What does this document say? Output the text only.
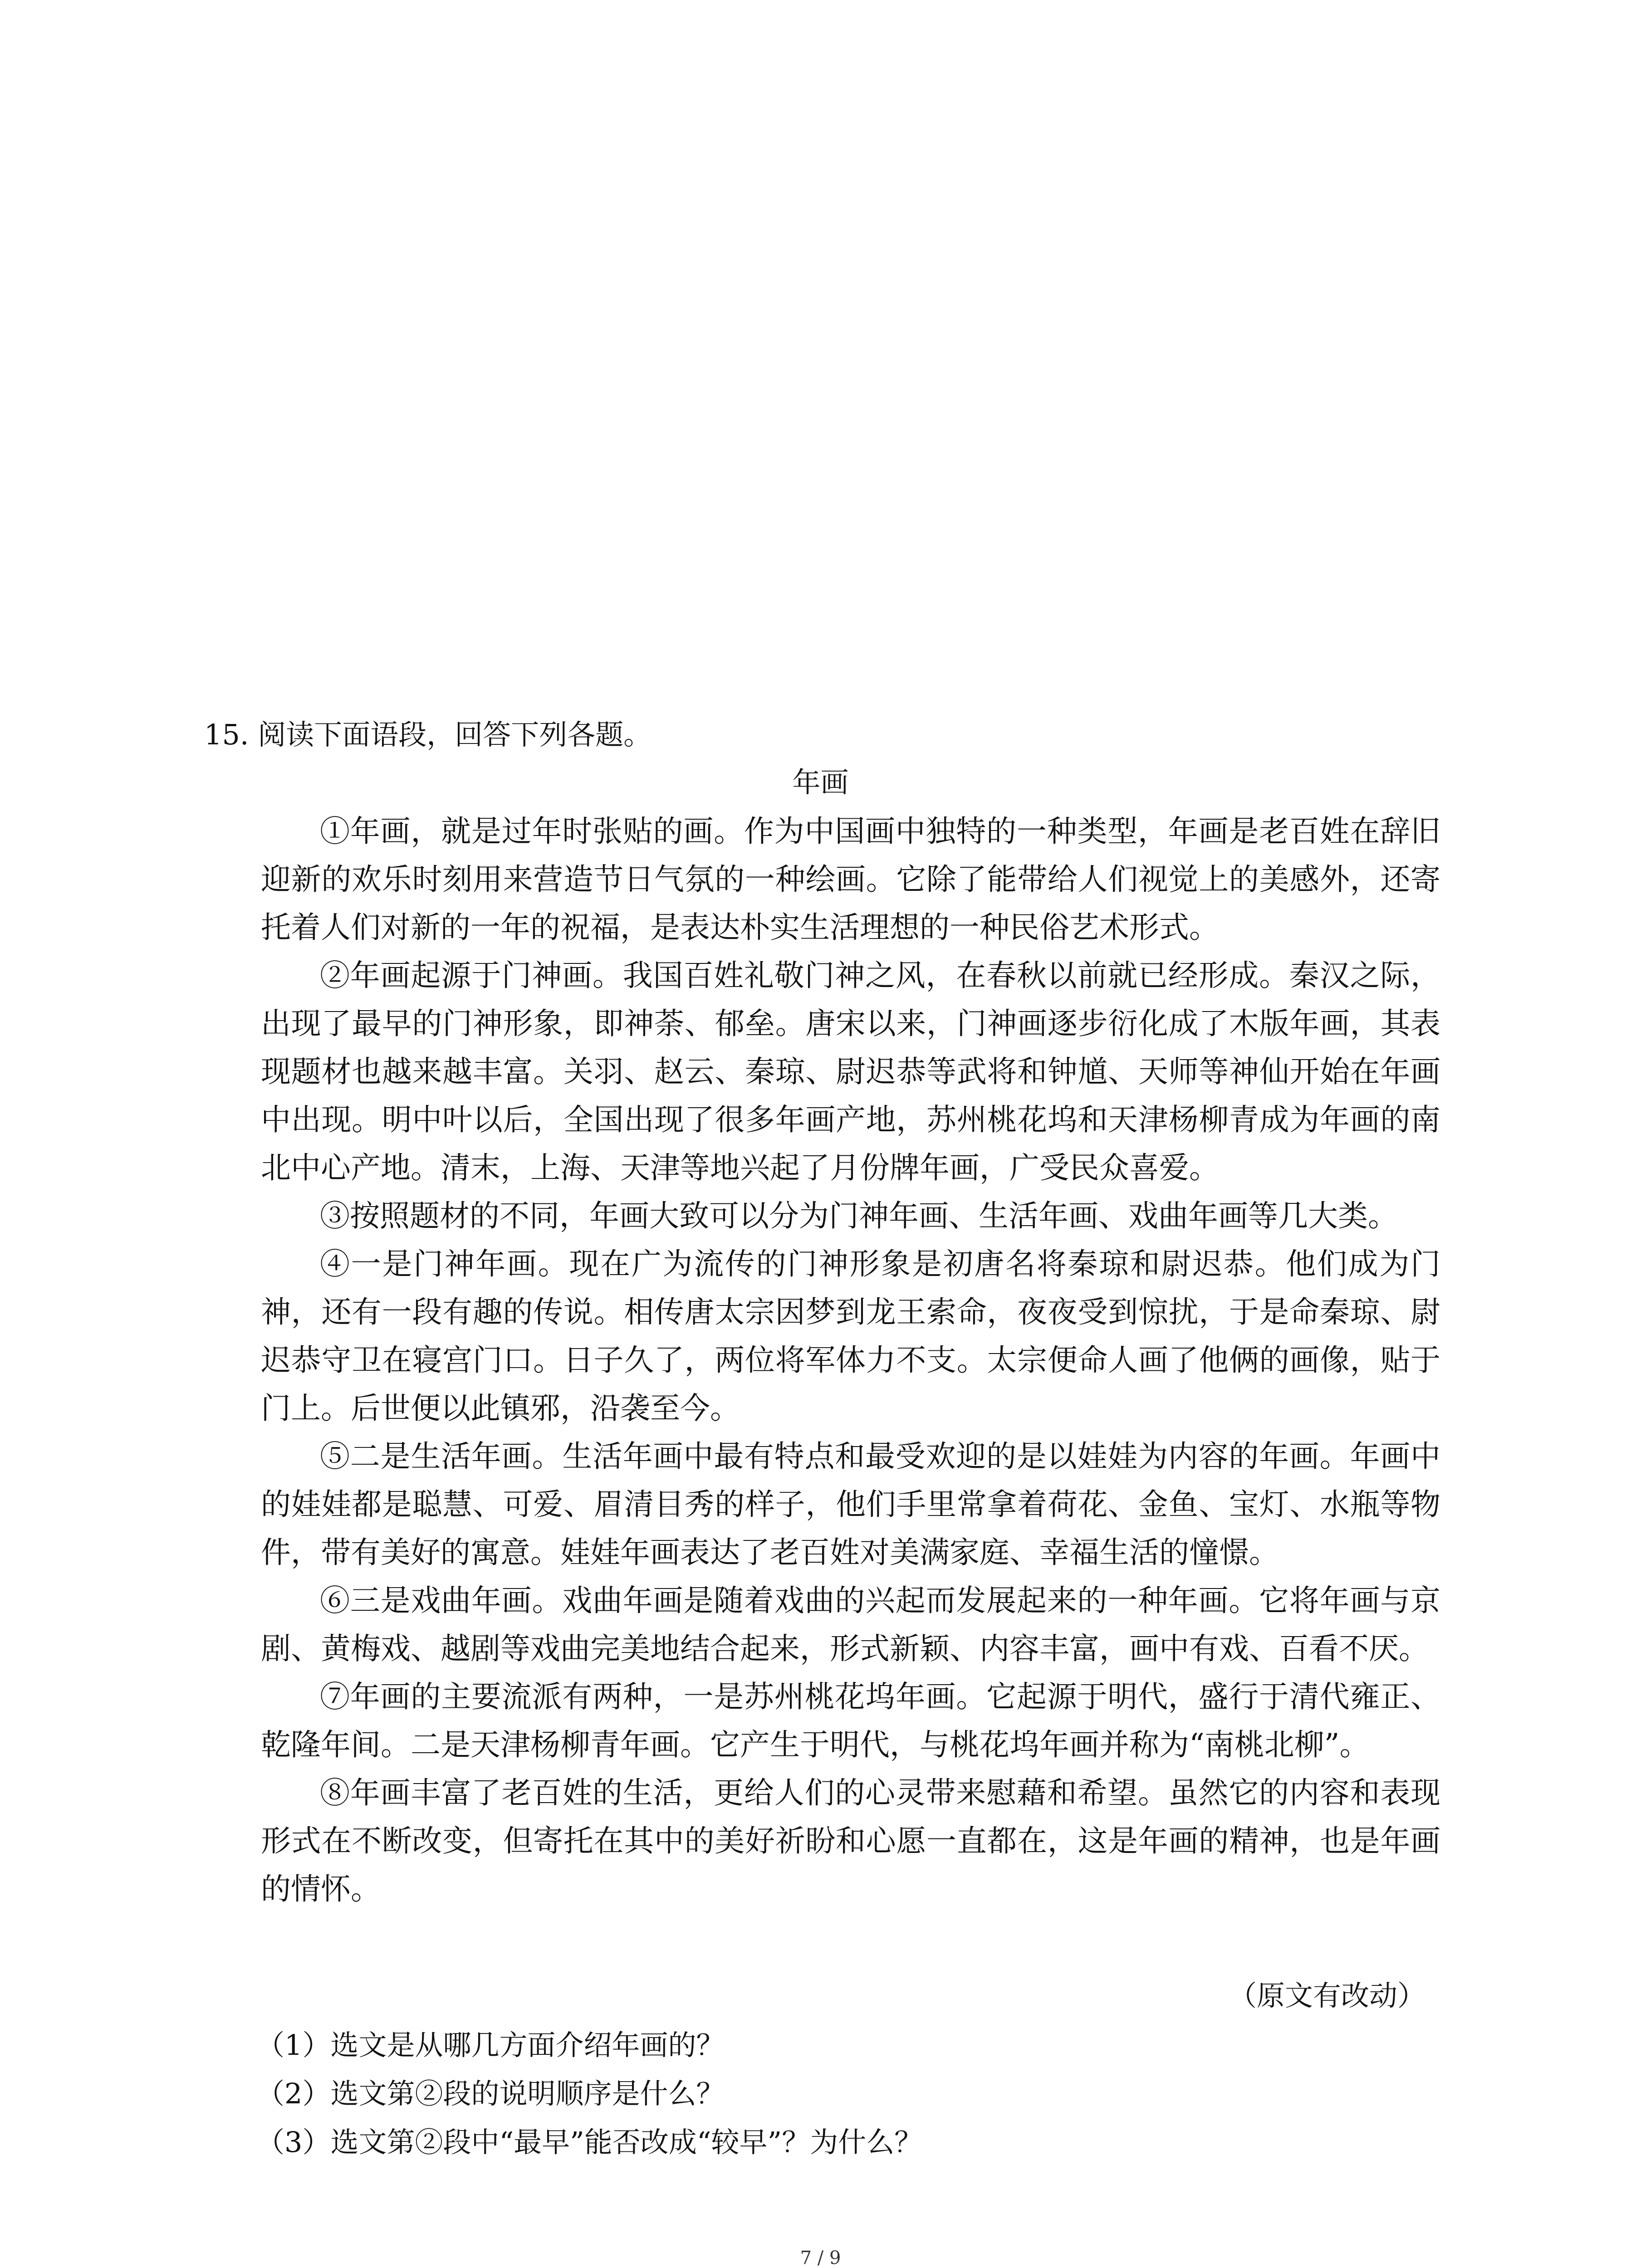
15. 阅读下面语段，回答下列各题。
年画

①年画，就是过年时张贴的画。作为中国画中独特的一种类型，年画是老百姓在辞旧迎新的欢乐时刻用来营造节日气氛的一种绘画。它除了能带给人们视觉上的美感外，还寄托着人们对新的一年的祝福，是表达朴实生活理想的一种民俗艺术形式。

②年画起源于门神画。我国百姓礼敬门神之风，在春秋以前就已经形成。秦汉之际，出现了最早的门神形象，即神荼、郁垒。唐宋以来，门神画逐步衍化成了木版年画，其表现题材也越来越丰富。关羽、赵云、秦琼、尉迟恭等武将和钟馗、天师等神仙开始在年画中出现。明中叶以后，全国出现了很多年画产地，苏州桃花坞和天津杨柳青成为年画的南北中心产地。清末，上海、天津等地兴起了月份牌年画，广受民众喜爱。

③按照题材的不同，年画大致可以分为门神年画、生活年画、戏曲年画等几大类。

④一是门神年画。现在广为流传的门神形象是初唐名将秦琼和尉迟恭。他们成为门神，还有一段有趣的传说。相传唐太宗因梦到龙王索命，夜夜受到惊扰，于是命秦琼、尉迟恭守卫在寝宫门口。日子久了，两位将军体力不支。太宗便命人画了他俩的画像，贴于门上。后世便以此镇邪，沿袭至今。

⑤二是生活年画。生活年画中最有特点和最受欢迎的是以娃娃为内容的年画。年画中的娃娃都是聪慧、可爱、眉清目秀的样子，他们手里常拿着荷花、金鱼、宝灯、水瓶等物件，带有美好的寓意。娃娃年画表达了老百姓对美满家庭、幸福生活的憧憬。

⑥三是戏曲年画。戏曲年画是随着戏曲的兴起而发展起来的一种年画。它将年画与京剧、黄梅戏、越剧等戏曲完美地结合起来，形式新颖、内容丰富，画中有戏、百看不厌。

⑦年画的主要流派有两种，一是苏州桃花坞年画。它起源于明代，盛行于清代雍正、乾隆年间。二是天津杨柳青年画。它产生于明代，与桃花坞年画并称为“南桃北柳”。

⑧年画丰富了老百姓的生活，更给人们的心灵带来慰藉和希望。虽然它的内容和表现形式在不断改变，但寄托在其中的美好祈盼和心愿一直都在，这是年画的精神，也是年画的情怀。

（原文有改动）
（1）选文是从哪几方面介绍年画的？
（2）选文第②段的说明顺序是什么？
（3）选文第②段中“最早”能否改成“较早”？为什么？
7 / 9
